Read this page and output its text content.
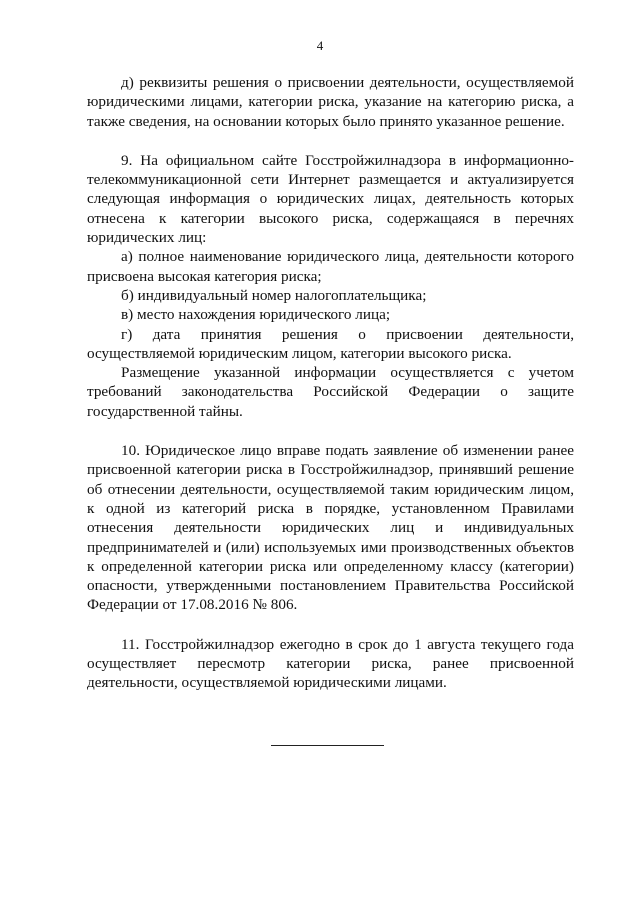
4

д) реквизиты решения о присвоении деятельности, осуществляемой юридическими лицами, категории риска, указание на категорию риска, а также сведения, на основании которых было принято указанное решение.

9. На официальном сайте Госстройжилнадзора в информационно-телекоммуникационной сети Интернет размещается и актуализируется следующая информация о юридических лицах, деятельность которых отнесена к категории высокого риска, содержащаяся в перечнях юридических лиц:

а) полное наименование юридического лица, деятельности которого присвоена высокая категория риска;

б) индивидуальный номер налогоплательщика;

в) место нахождения юридического лица;

г) дата принятия решения о присвоении деятельности, осуществляемой юридическим лицом, категории высокого риска.

Размещение указанной информации осуществляется с учетом требований законодательства Российской Федерации о защите государственной тайны.

10. Юридическое лицо вправе подать заявление об изменении ранее присвоенной категории риска в Госстройжилнадзор, принявший решение об отнесении деятельности, осуществляемой таким юридическим лицом, к одной из категорий риска в порядке, установленном Правилами отнесения деятельности юридических лиц и индивидуальных предпринимателей и (или) используемых ими производственных объектов к определенной категории риска или определенному классу (категории) опасности, утвержденными постановлением Правительства Российской Федерации от 17.08.2016 № 806.

11. Госстройжилнадзор ежегодно в срок до 1 августа текущего года осуществляет пересмотр категории риска, ранее присвоенной деятельности, осуществляемой юридическими лицами.
